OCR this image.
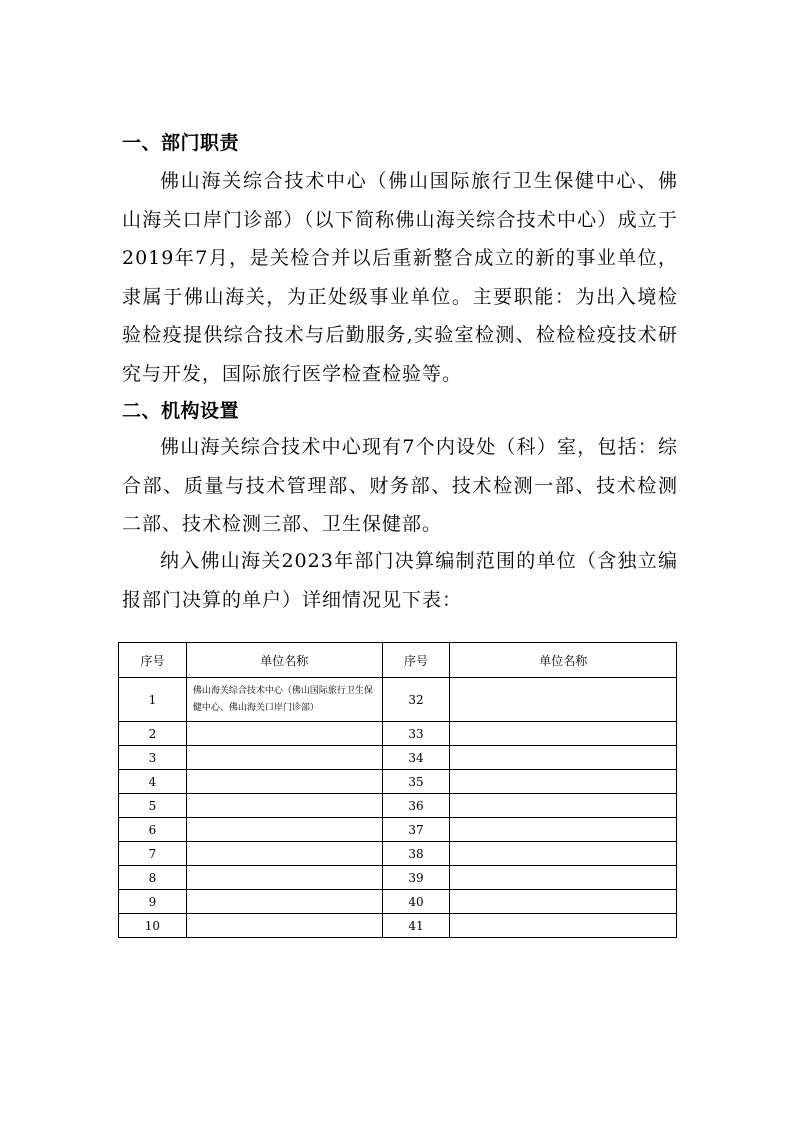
一、部门职责
佛山海关综合技术中心（佛山国际旅行卫生保健中心、佛山海关口岸门诊部）（以下简称佛山海关综合技术中心）成立于2019年7月，是关检合并以后重新整合成立的新的事业单位，隶属于佛山海关，为正处级事业单位。主要职能：为出入境检验检疫提供综合技术与后勤服务,实验室检测、检检检疫技术研究与开发，国际旅行医学检查检验等。
二、机构设置
佛山海关综合技术中心现有7个内设处（科）室，包括：综合部、质量与技术管理部、财务部、技术检测一部、技术检测二部、技术检测三部、卫生保健部。
纳入佛山海关2023年部门决算编制范围的单位（含独立编报部门决算的单户）详细情况见下表：
序号	单位名称	序号	单位名称
1	佛山海关综合技术中心（佛山国际旅行卫生保健中心、佛山海关口岸门诊部）	32	
2		33	
3		34	
4		35	
5		36	
6		37	
7		38	
8		39	
9		40	
10		41	
